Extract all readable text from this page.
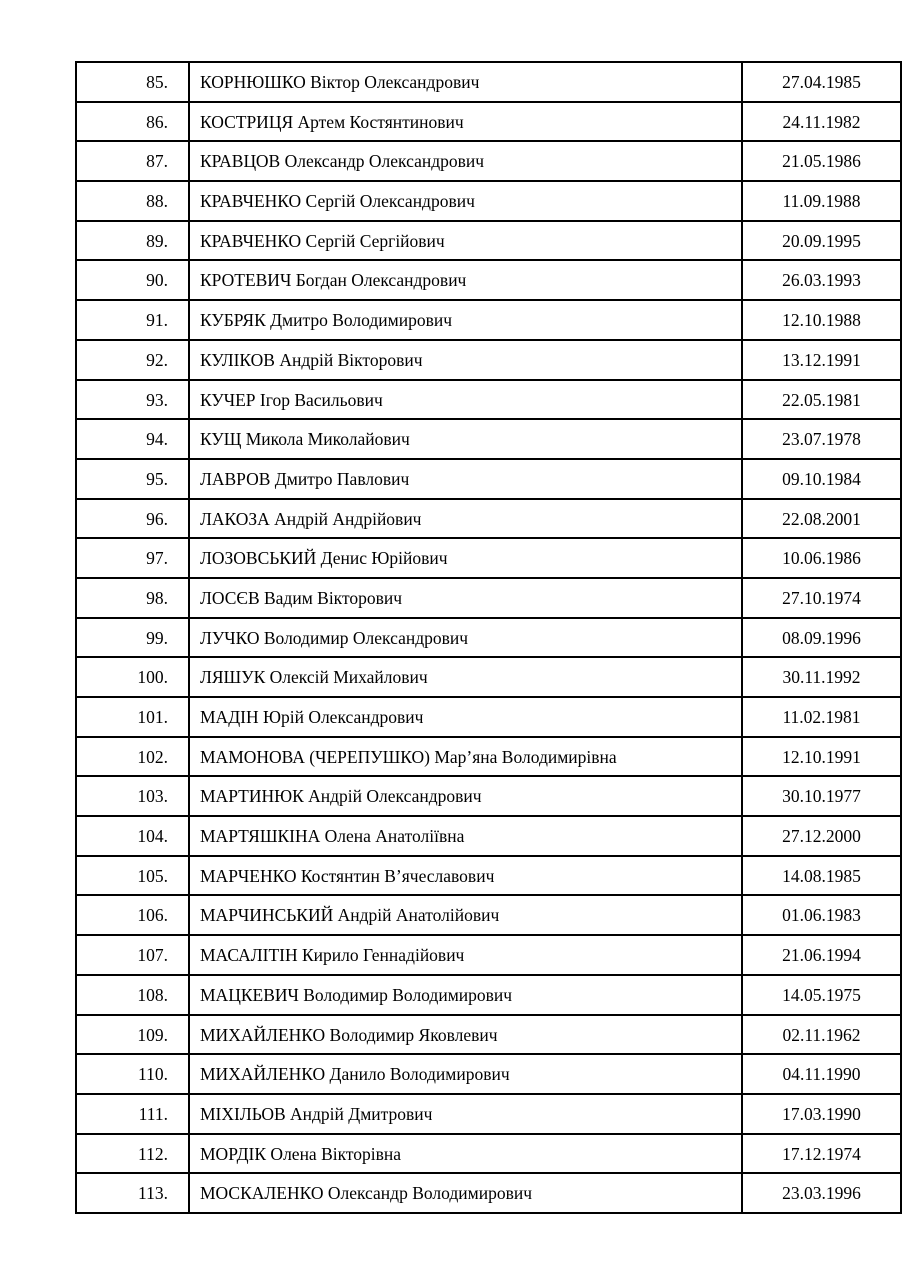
85.	КОРНЮШКО Віктор Олександрович	27.04.1985
86.	КОСТРИЦЯ Артем Костянтинович	24.11.1982
87.	КРАВЦОВ Олександр Олександрович	21.05.1986
88.	КРАВЧЕНКО Сергій Олександрович	11.09.1988
89.	КРАВЧЕНКО Сергій Сергійович	20.09.1995
90.	КРОТЕВИЧ Богдан Олександрович	26.03.1993
91.	КУБРЯК Дмитро Володимирович	12.10.1988
92.	КУЛІКОВ Андрій Вікторович	13.12.1991
93.	КУЧЕР Ігор Васильович	22.05.1981
94.	КУЩ Микола Миколайович	23.07.1978
95.	ЛАВРОВ Дмитро Павлович	09.10.1984
96.	ЛАКОЗА Андрій Андрійович	22.08.2001
97.	ЛОЗОВСЬКИЙ Денис Юрійович	10.06.1986
98.	ЛОСЄВ Вадим Вікторович	27.10.1974
99.	ЛУЧКО Володимир Олександрович	08.09.1996
100.	ЛЯШУК Олексій Михайлович	30.11.1992
101.	МАДІН Юрій Олександрович	11.02.1981
102.	МАМОНОВА (ЧЕРЕПУШКО) Мар’яна Володимирівна	12.10.1991
103.	МАРТИНЮК Андрій Олександрович	30.10.1977
104.	МАРТЯШКІНА Олена Анатоліївна	27.12.2000
105.	МАРЧЕНКО Костянтин В’ячеславович	14.08.1985
106.	МАРЧИНСЬКИЙ Андрій Анатолійович	01.06.1983
107.	МАСАЛІТІН Кирило Геннадійович	21.06.1994
108.	МАЦКЕВИЧ Володимир Володимирович	14.05.1975
109.	МИХАЙЛЕНКО Володимир Яковлевич	02.11.1962
110.	МИХАЙЛЕНКО Данило Володимирович	04.11.1990
111.	МІХІЛЬОВ Андрій Дмитрович	17.03.1990
112.	МОРДІК Олена Вікторівна	17.12.1974
113.	МОСКАЛЕНКО Олександр Володимирович	23.03.1996
